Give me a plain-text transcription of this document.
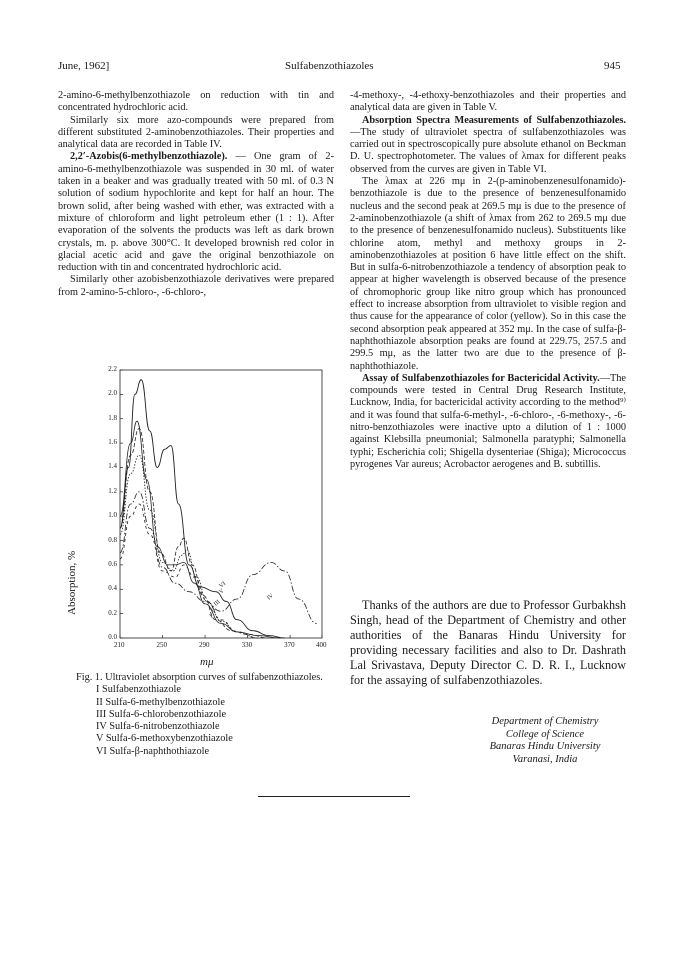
June, 1962]	Sulfabenzothiazoles	945

2-amino-6-methylbenzothiazole on reduction with tin and concentrated hydrochloric acid.

Similarly six more azo-compounds were prepared from different substituted 2-aminobenzothiazoles. Their properties and analytical data are recorded in Table IV.

2,2′-Azobis(6-methylbenzothiazole). — One gram of 2-amino-6-methylbenzothiazole was suspended in 30 ml. of water taken in a beaker and was gradually treated with 50 ml. of 0.3 N solution of sodium hypochlorite and kept for half an hour. The brown solid, after being washed with ether, was extracted with a mixture of chloroform and light petroleum ether (1 : 1). After evaporation of the solvents the products was left as dark brown crystals, m. p. above 300°C. It developed brownish red color in glacial acetic acid and gave the original benzothiazole on reduction with tin and concentrated hydrochloric acid.

Similarly other azobisbenzothiazole derivatives were prepared from 2-amino-5-chloro-, -6-chloro-,

-4-methoxy-, -4-ethoxy-benzothiazoles and their properties and analytical data are given in Table V.

Absorption Spectra Measurements of Sulfabenzothiazoles.—The study of ultraviolet spectra of sulfabenzothiazoles was carried out in spectroscopically pure absolute ethanol on Beckman D. U. spectrophotometer. The values of λmax for different peaks observed from the curves are given in Table VI.

The λmax at 226 mμ in 2-(p-aminobenzenesulfonamido)-benzothiazole is due to the presence of benzenesulfonamido nucleus and the second peak at 269.5 mμ is due to the presence of 2-aminobenzothiazole (a shift of λmax from 262 to 269.5 mμ due to the presence of benzenesulfonamido nucleus). Substituents like chlorine atom, methyl and methoxy groups in 2-aminobenzothiazoles at position 6 have little effect on the shift. But in sulfa-6-nitrobenzothiazole a tendency of absorption peak to appear at higher wavelength is observed because of the presence of chromophoric group like nitro group which has pronounced effect to increase absorption from ultraviolet to visible region and thus cause for the appearance of color (yellow). So in this case the second absorption peak appeared at 352 mμ. In the case of sulfa-β-naphthothiazole absorption peaks are found at 229.75, 257.5 and 299.5 mμ, as the latter two are due to the presence of β-naphthothiazole.

Assay of Sulfabenzothiazoles for Bactericidal Activity.—The compounds were tested in Central Drug Research Institute, Lucknow, India, for bactericidal activity according to the method⁹⁾ and it was found that sulfa-6-methyl-, -6-chloro-, -6-methoxy-, -6-nitro-benzothiazoles were inactive upto a dilution of 1 : 1000 against Klebsilla pneumonial; Salmonella paratyphi; Salmonella typhi; Escherichia coli; Shigella dysenteriae (Shiga); Micrococcus pyrogenes Var aureus; Acrobactor aerogenes and B. subtillis.

Thanks of the authors are due to Professor Gurbakhsh Singh, head of the Department of Chemistry and other authorities of the Banaras Hindu University for providing necessary facilities and also to Dr. Dashrath Lal Srivastava, Deputy Director C. D. R. I., Lucknow for the assaying of sulfabenzothiazoles.
Department of Chemistry
College of Science
Banaras Hindu University
Varanasi, India
Absorption, %
0.0
0.2
0.4
0.6
0.8
1.0
1.2
1.4
1.6
1.8
2.0
2.2
210	250	290	330	370	400
I
II
III
IV
V
VI
mμ
Fig. 1. Ultraviolet absorption curves of sulfabenzothiazoles.
I Sulfabenzothiazole
II Sulfa-6-methylbenzothiazole
III Sulfa-6-chlorobenzothiazole
IV Sulfa-6-nitrobenzothiazole
V Sulfa-6-methoxybenzothiazole
VI Sulfa-β-naphthothiazole
